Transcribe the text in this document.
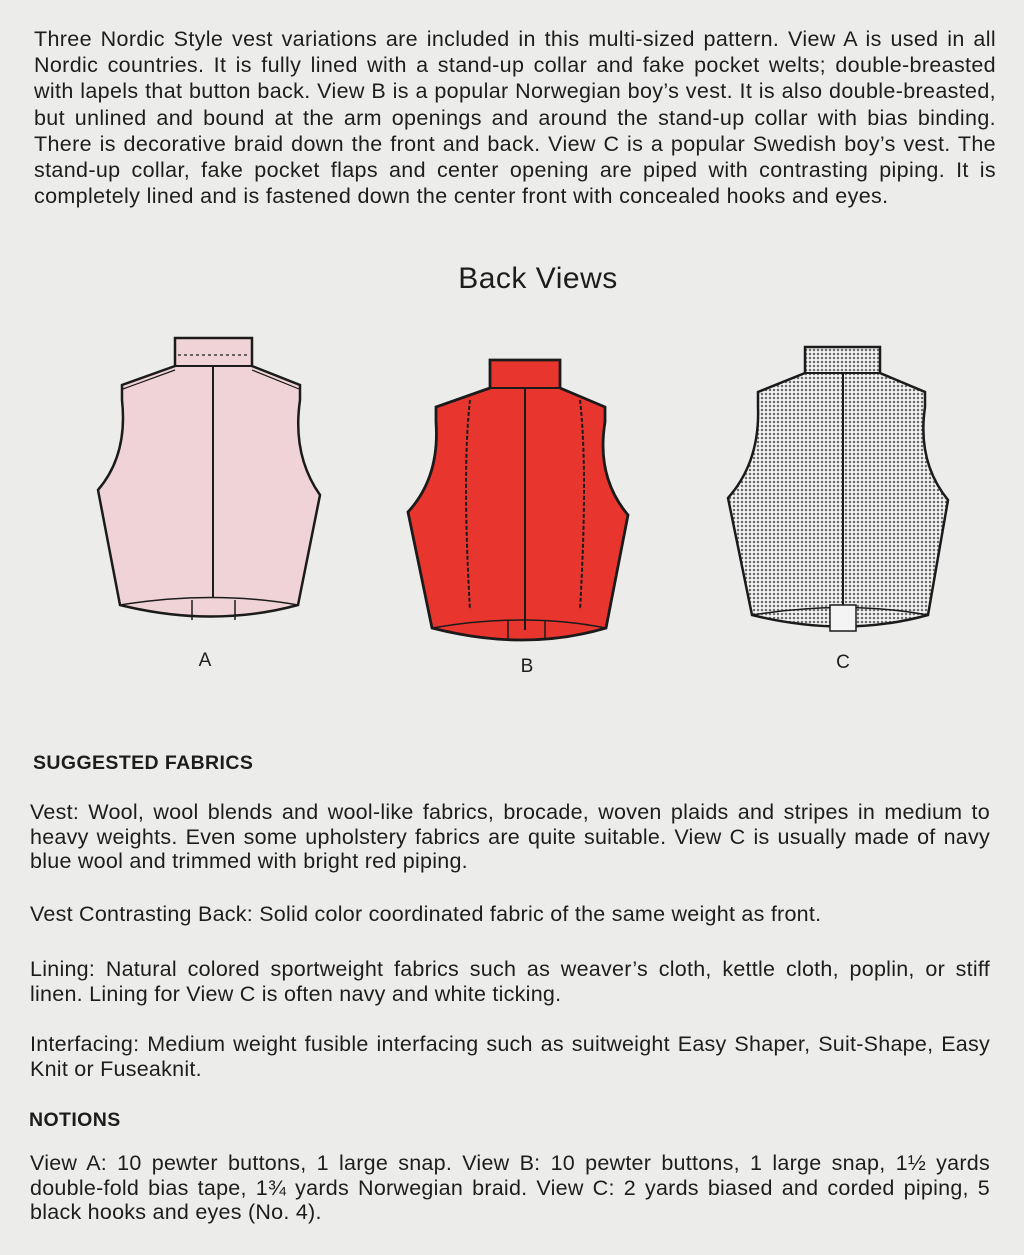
Three Nordic Style vest variations are included in this multi-sized pattern. View A is used in all Nordic countries. It is fully lined with a stand-up collar and fake pocket welts; double-breasted with lapels that button back. View B is a popular Norwegian boy’s vest. It is also double-breasted, but unlined and bound at the arm openings and around the stand-up collar with bias binding. There is decorative braid down the front and back. View C is a popular Swedish boy’s vest. The stand-up collar, fake pocket flaps and center opening are piped with contrasting piping. It is completely lined and is fastened down the center front with concealed hooks and eyes.

Back Views
A	B	C
SUGGESTED FABRICS

Vest: Wool, wool blends and wool-like fabrics, brocade, woven plaids and stripes in medium to heavy weights. Even some upholstery fabrics are quite suitable. View C is usually made of navy blue wool and trimmed with bright red piping.

Vest Contrasting Back: Solid color coordinated fabric of the same weight as front.

Lining: Natural colored sportweight fabrics such as weaver’s cloth, kettle cloth, poplin, or stiff linen. Lining for View C is often navy and white ticking.

Interfacing: Medium weight fusible interfacing such as suitweight Easy Shaper, Suit-Shape, Easy Knit or Fuseaknit.

NOTIONS

View A: 10 pewter buttons, 1 large snap. View B: 10 pewter buttons, 1 large snap, 1½ yards double-fold bias tape, 1¾ yards Norwegian braid. View C: 2 yards biased and corded piping, 5 black hooks and eyes (No. 4).
